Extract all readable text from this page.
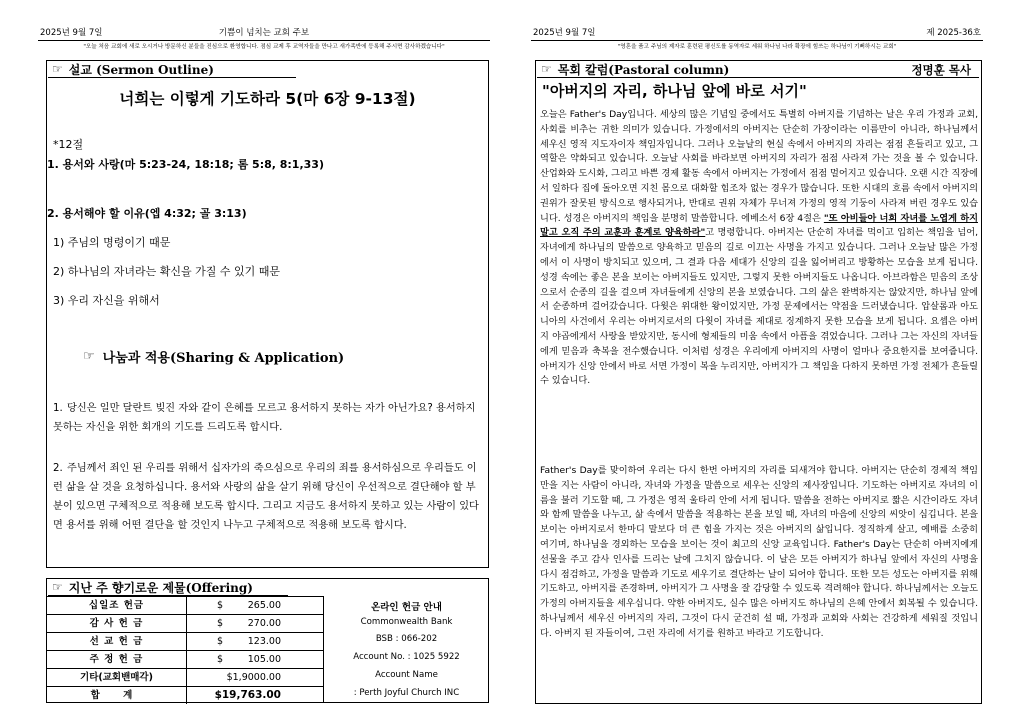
2025년 9월 7일	기쁨이 넘치는 교회 주보
"오늘 처음 교회에 새로 오시거나 방문하신 분들을 진심으로 환영합니다. 점심 교제 후 교역자들을 만나고 새가족반에 등록해 주시면 감사하겠습니다"
☞ 설교 (Sermon Outline)
너희는 이렇게 기도하라 5(마 6장 9-13절)
*12절
1. 용서와 사랑(마 5:23-24, 18:18; 롬 5:8, 8:1,33)
2. 용서해야 할 이유(엡 4:32; 골 3:13)
1) 주님의 명령이기 때문
2) 하나님의 자녀라는 확신을 가질 수 있기 때문
3) 우리 자신을 위해서
☞ 나눔과 적용(Sharing & Application)
1. 당신은 일만 달란트 빚진 자와 같이 은혜를 모르고 용서하지 못하는 자가 아닌가요? 용서하지 못하는 자신을 위한 회개의 기도를 드리도록 합시다.
2. 주님께서 죄인 된 우리를 위해서 십자가의 죽으심으로 우리의 죄를 용서하심으로 우리들도 이런 삶을 살 것을 요청하십니다. 용서와 사랑의 삶을 살기 위해 당신이 우선적으로 결단해야 할 부분이 있으면 구체적으로 적용해 보도록 합시다. 그리고 지금도 용서하지 못하고 있는 사람이 있다면 용서를 위해 어떤 결단을 할 것인지 나누고 구체적으로 적용해 보도록 합시다.
☞ 지난 주 향기로운 제물(Offering)
십일조 헌금	$	265.00
감 사 헌 금	$	270.00
선 교 헌 금	$	123.00
주 정 헌 금	$	105.00
기타(교회밴매각)	$1,9000.00
합 계	$19,763.00
온라인 헌금 안내
Commonwealth Bank
BSB : 066-202
Account No. : 1025 5922
Account Name
: Perth Joyful Church INC
2025년 9월 7일	제 2025-36호
"영혼을 품고 주님의 제자로 훈련된 평신도를 동역자로 세워 하나님 나라 확장에 힘쓰는 하나님이 기뻐하시는 교회"
☞ 목회 칼럼(Pastoral column)	정명훈 목사
"아버지의 자리, 하나님 앞에 바로 서기"
오늘은 Father's Day입니다. 세상의 많은 기념일 중에서도 특별히 아버지를 기념하는 날은 우리 가정과 교회, 사회를 비추는 귀한 의미가 있습니다. 가정에서의 아버지는 단순히 가장이라는 이름만이 아니라, 하나님께서 세우신 영적 지도자이자 책임자입니다. 그러나 오늘날의 현실 속에서 아버지의 자리는 점점 흔들리고 있고, 그 역할은 약화되고 있습니다. 오늘날 사회를 바라보면 아버지의 자리가 점점 사라져 가는 것을 볼 수 있습니다. 산업화와 도시화, 그리고 바쁜 경제 활동 속에서 아버지는 가정에서 점점 멀어지고 있습니다. 오랜 시간 직장에서 일하다 집에 돌아오면 지친 몸으로 대화할 힘조차 없는 경우가 많습니다. 또한 시대의 흐름 속에서 아버지의 권위가 잘못된 방식으로 행사되거나, 반대로 권위 자체가 무너져 가정의 영적 기둥이 사라져 버린 경우도 있습니다. 성경은 아버지의 책임을 분명히 말씀합니다. 에베소서 6장 4절은 "또 아비들아 너희 자녀를 노엽게 하지 말고 오직 주의 교훈과 훈계로 양육하라"고 명령합니다. 아버지는 단순히 자녀를 먹이고 입히는 책임을 넘어, 자녀에게 하나님의 말씀으로 양육하고 믿음의 길로 이끄는 사명을 가지고 있습니다. 그러나 오늘날 많은 가정에서 이 사명이 방치되고 있으며, 그 결과 다음 세대가 신앙의 길을 잃어버리고 방황하는 모습을 보게 됩니다. 성경 속에는 좋은 본을 보이는 아버지들도 있지만, 그렇지 못한 아버지들도 나옵니다. 아브라함은 믿음의 조상으로서 순종의 길을 걸으며 자녀들에게 신앙의 본을 보였습니다. 그의 삶은 완벽하지는 않았지만, 하나님 앞에서 순종하며 걸어갔습니다. 다윗은 위대한 왕이었지만, 가정 문제에서는 약점을 드러냈습니다. 압살롬과 아도니아의 사건에서 우리는 아버지로서의 다윗이 자녀를 제대로 징계하지 못한 모습을 보게 됩니다. 요셉은 아버지 야곱에게서 사랑을 받았지만, 동시에 형제들의 미움 속에서 아픔을 겪었습니다. 그러나 그는 자신의 자녀들에게 믿음과 축복을 전수했습니다. 이처럼 성경은 우리에게 아버지의 사명이 얼마나 중요한지를 보여줍니다. 아버지가 신앙 안에서 바로 서면 가정이 복을 누리지만, 아버지가 그 책임을 다하지 못하면 가정 전체가 흔들릴 수 있습니다.
Father's Day를 맞이하여 우리는 다시 한번 아버지의 자리를 되새겨야 합니다. 아버지는 단순히 경제적 책임만을 지는 사람이 아니라, 자녀와 가정을 말씀으로 세우는 신앙의 제사장입니다. 기도하는 아버지로 자녀의 이름을 불러 기도할 때, 그 가정은 영적 울타리 안에 서게 됩니다. 말씀을 전하는 아버지로 짧은 시간이라도 자녀와 함께 말씀을 나누고, 삶 속에서 말씀을 적용하는 본을 보일 때, 자녀의 마음에 신앙의 씨앗이 심깁니다. 본을 보이는 아버지로서 한마디 말보다 더 큰 힘을 가지는 것은 아버지의 삶입니다. 정직하게 살고, 예배를 소중히 여기며, 하나님을 경외하는 모습을 보이는 것이 최고의 신앙 교육입니다. Father's Day는 단순히 아버지에게 선물을 주고 감사 인사를 드리는 날에 그치지 않습니다. 이 날은 모든 아버지가 하나님 앞에서 자신의 사명을 다시 점검하고, 가정을 말씀과 기도로 세우기로 결단하는 날이 되어야 합니다. 또한 모든 성도는 아버지를 위해 기도하고, 아버지를 존경하며, 아버지가 그 사명을 잘 감당할 수 있도록 격려해야 합니다. 하나님께서는 오늘도 가정의 아버지들을 세우십니다. 약한 아버지도, 실수 많은 아버지도 하나님의 은혜 안에서 회복될 수 있습니다. 하나님께서 세우신 아버지의 자리, 그것이 다시 굳건히 설 때, 가정과 교회와 사회는 건강하게 세워질 것입니다. 아버지 된 자들이여, 그런 자리에 서기를 원하고 바라고 기도합니다.
